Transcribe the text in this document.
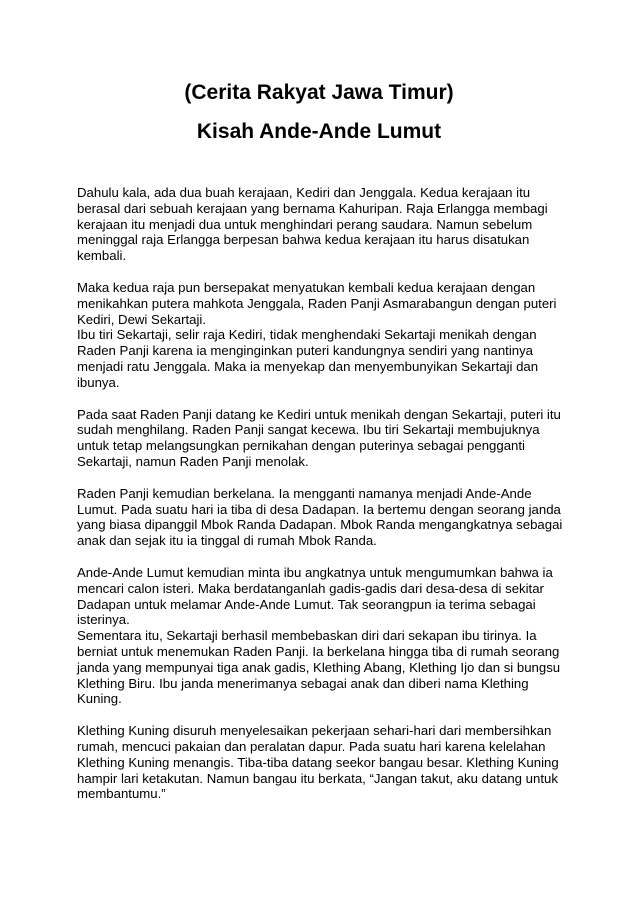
(Cerita Rakyat Jawa Timur)
Kisah Ande-Ande Lumut
Dahulu kala, ada dua buah kerajaan, Kediri dan Jenggala. Kedua kerajaan itu
berasal dari sebuah kerajaan yang bernama Kahuripan. Raja Erlangga membagi
kerajaan itu menjadi dua untuk menghindari perang saudara. Namun sebelum
meninggal raja Erlangga berpesan bahwa kedua kerajaan itu harus disatukan
kembali.
Maka kedua raja pun bersepakat menyatukan kembali kedua kerajaan dengan
menikahkan putera mahkota Jenggala, Raden Panji Asmarabangun dengan puteri
Kediri, Dewi Sekartaji.
Ibu tiri Sekartaji, selir raja Kediri, tidak menghendaki Sekartaji menikah dengan
Raden Panji karena ia menginginkan puteri kandungnya sendiri yang nantinya
menjadi ratu Jenggala. Maka ia menyekap dan menyembunyikan Sekartaji dan
ibunya.
Pada saat Raden Panji datang ke Kediri untuk menikah dengan Sekartaji, puteri itu
sudah menghilang. Raden Panji sangat kecewa. Ibu tiri Sekartaji membujuknya
untuk tetap melangsungkan pernikahan dengan puterinya sebagai pengganti
Sekartaji, namun Raden Panji menolak.
Raden Panji kemudian berkelana. Ia mengganti namanya menjadi Ande-Ande
Lumut. Pada suatu hari ia tiba di desa Dadapan. Ia bertemu dengan seorang janda
yang biasa dipanggil Mbok Randa Dadapan. Mbok Randa mengangkatnya sebagai
anak dan sejak itu ia tinggal di rumah Mbok Randa.
Ande-Ande Lumut kemudian minta ibu angkatnya untuk mengumumkan bahwa ia
mencari calon isteri. Maka berdatanganlah gadis-gadis dari desa-desa di sekitar
Dadapan untuk melamar Ande-Ande Lumut. Tak seorangpun ia terima sebagai
isterinya.
Sementara itu, Sekartaji berhasil membebaskan diri dari sekapan ibu tirinya. Ia
berniat untuk menemukan Raden Panji. Ia berkelana hingga tiba di rumah seorang
janda yang mempunyai tiga anak gadis, Klething Abang, Klething Ijo dan si bungsu
Klething Biru. Ibu janda menerimanya sebagai anak dan diberi nama Klething
Kuning.
Klething Kuning disuruh menyelesaikan pekerjaan sehari-hari dari membersihkan
rumah, mencuci pakaian dan peralatan dapur. Pada suatu hari karena kelelahan
Klething Kuning menangis. Tiba-tiba datang seekor bangau besar. Klething Kuning
hampir lari ketakutan. Namun bangau itu berkata, “Jangan takut, aku datang untuk
membantumu.”
